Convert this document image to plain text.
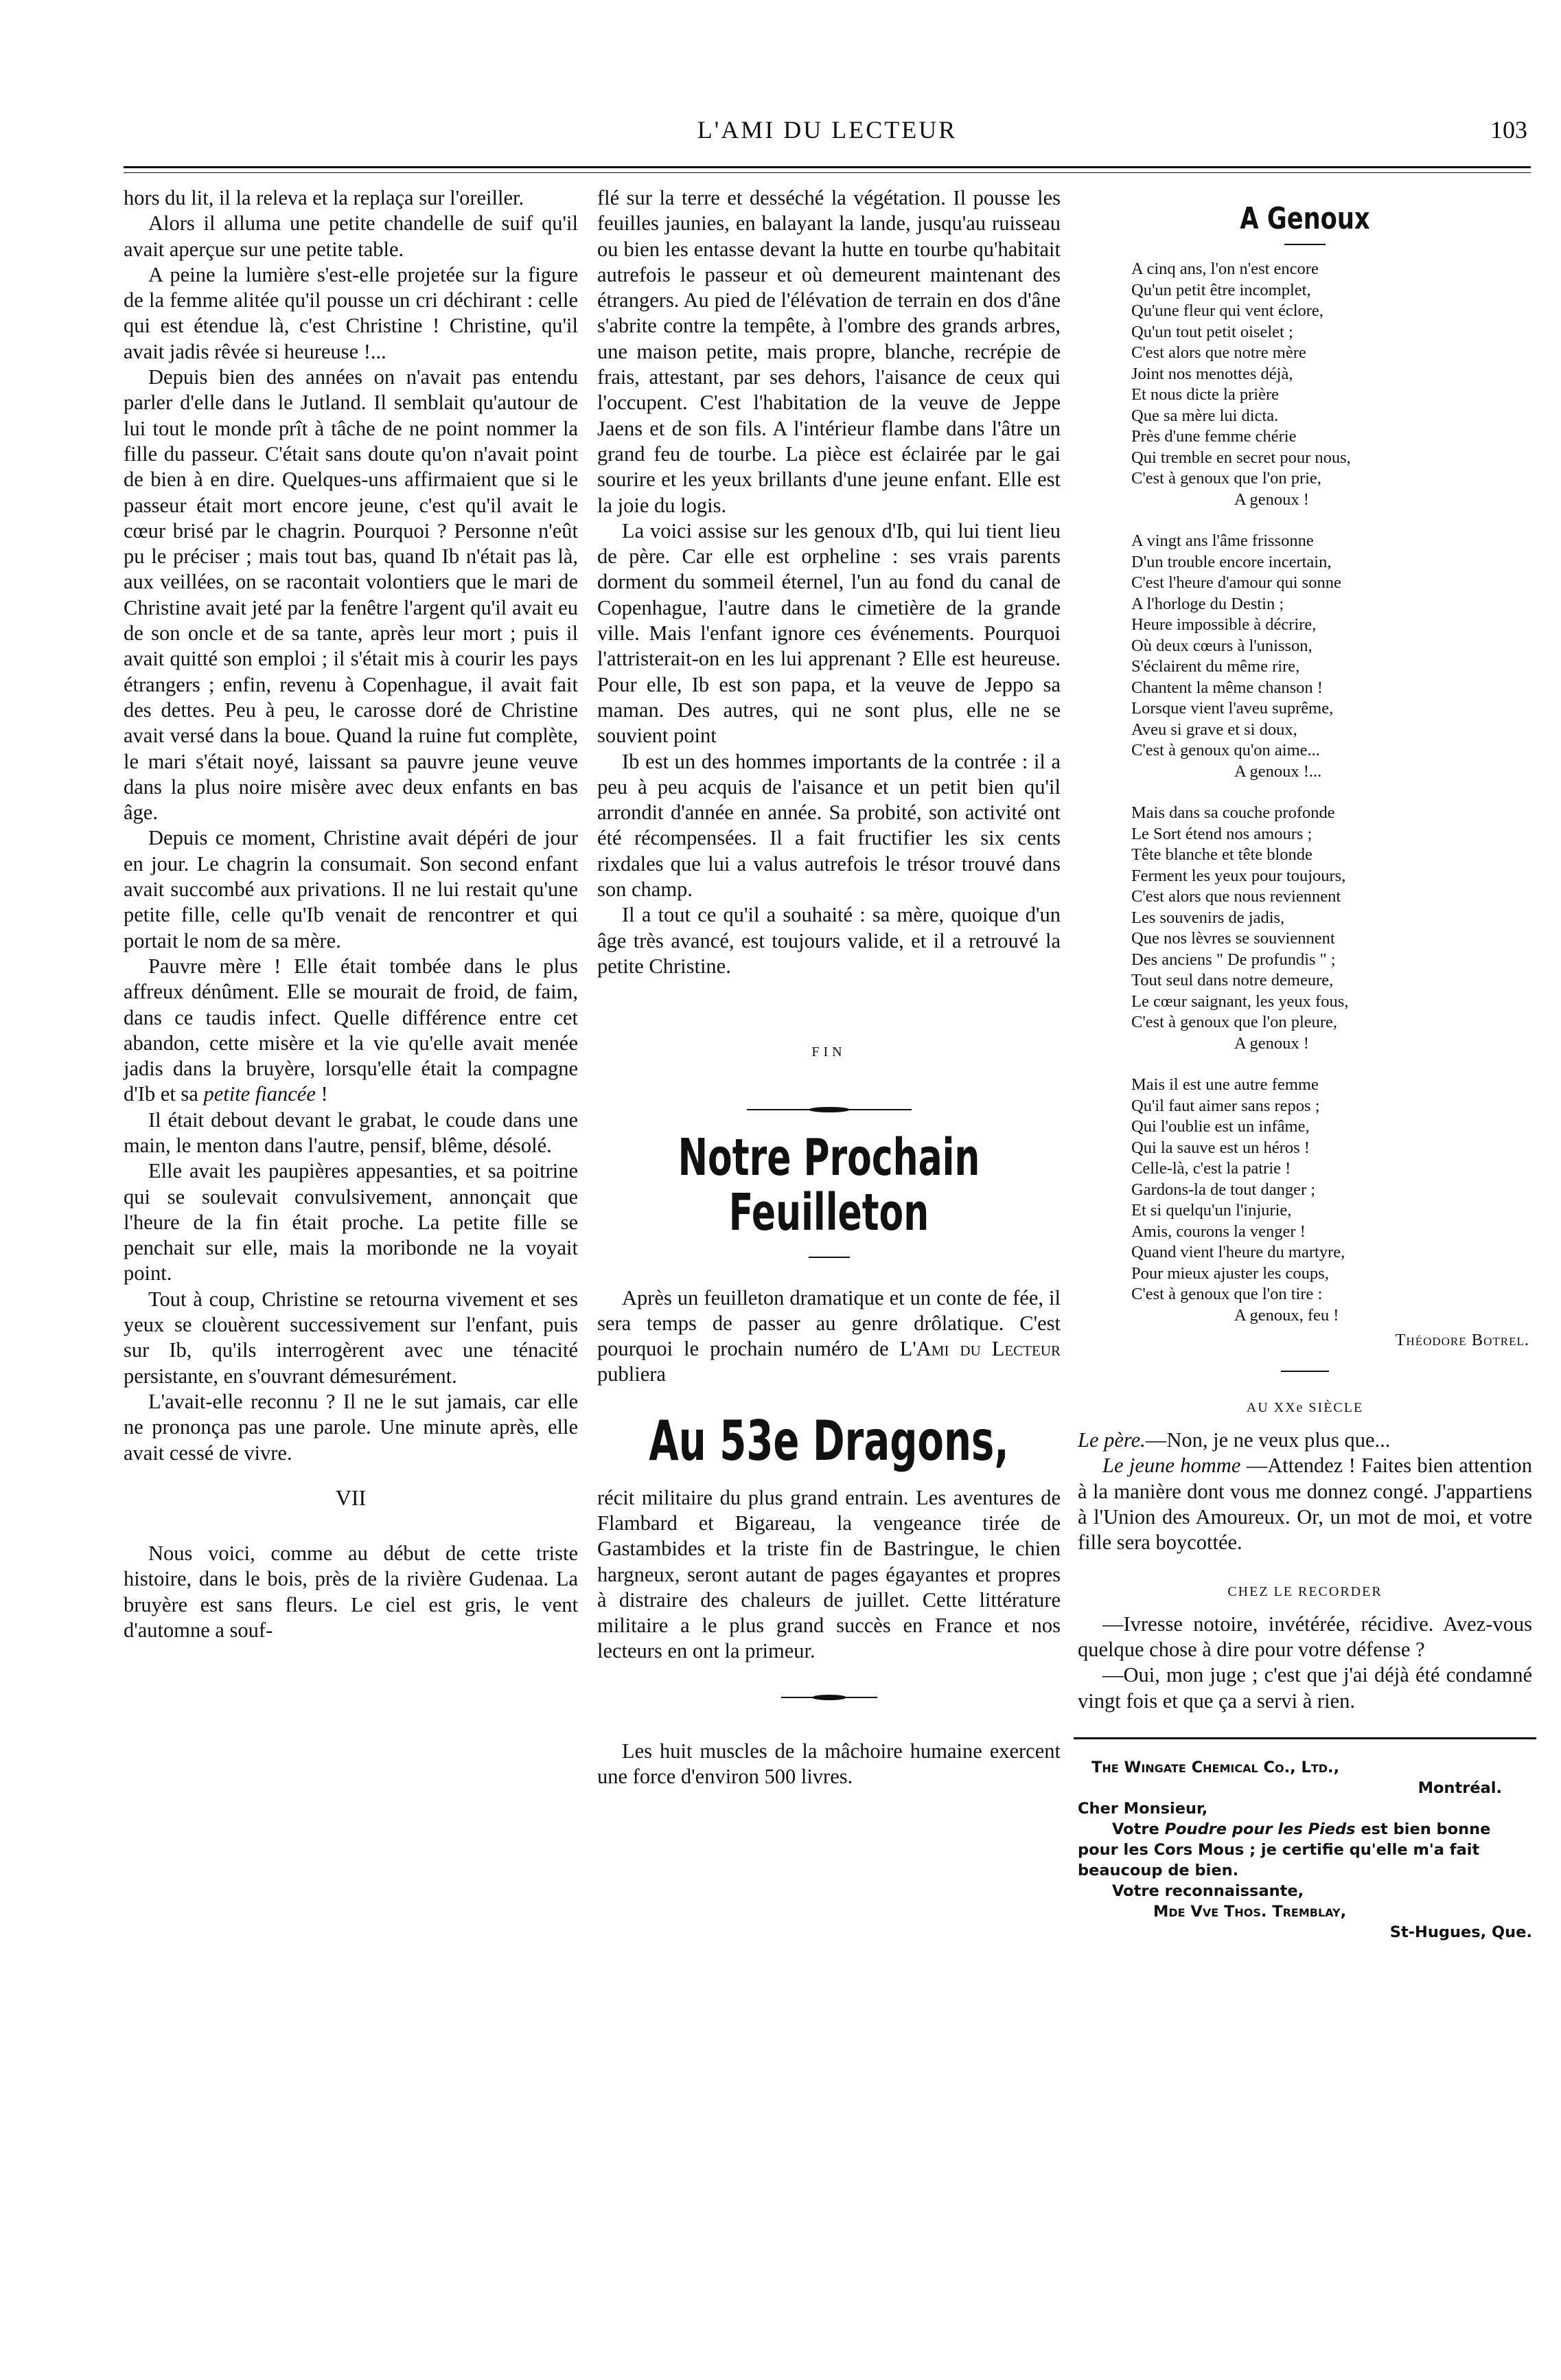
L'AMI DU LECTEUR	103

hors du lit, il la releva et la replaça sur l'oreiller.

Alors il alluma une petite chandelle de suif qu'il avait aperçue sur une petite table.

A peine la lumière s'est-elle projetée sur la figure de la femme alitée qu'il pousse un cri déchirant : celle qui est étendue là, c'est Christine ! Christine, qu'il avait jadis rêvée si heureuse !...

Depuis bien des années on n'avait pas entendu parler d'elle dans le Jutland. Il semblait qu'autour de lui tout le monde prît à tâche de ne point nommer la fille du passeur. C'était sans doute qu'on n'avait point de bien à en dire. Quelques-uns affirmaient que si le passeur était mort encore jeune, c'est qu'il avait le cœur brisé par le chagrin. Pourquoi ? Personne n'eût pu le préciser ; mais tout bas, quand Ib n'était pas là, aux veillées, on se racontait volontiers que le mari de Christine avait jeté par la fenêtre l'argent qu'il avait eu de son oncle et de sa tante, après leur mort ; puis il avait quitté son emploi ; il s'était mis à courir les pays étrangers ; enfin, revenu à Copenhague, il avait fait des dettes. Peu à peu, le carosse doré de Christine avait versé dans la boue. Quand la ruine fut complète, le mari s'était noyé, laissant sa pauvre jeune veuve dans la plus noire misère avec deux enfants en bas âge.

Depuis ce moment, Christine avait dépéri de jour en jour. Le chagrin la consumait. Son second enfant avait succombé aux privations. Il ne lui restait qu'une petite fille, celle qu'Ib venait de rencontrer et qui portait le nom de sa mère.

Pauvre mère ! Elle était tombée dans le plus affreux dénûment. Elle se mourait de froid, de faim, dans ce taudis infect. Quelle différence entre cet abandon, cette misère et la vie qu'elle avait menée jadis dans la bruyère, lorsqu'elle était la compagne d'Ib et sa petite fiancée !

Il était debout devant le grabat, le coude dans une main, le menton dans l'autre, pensif, blême, désolé.

Elle avait les paupières appesanties, et sa poitrine qui se soulevait convulsivement, annonçait que l'heure de la fin était proche. La petite fille se penchait sur elle, mais la moribonde ne la voyait point.

Tout à coup, Christine se retourna vivement et ses yeux se clouèrent successivement sur l'enfant, puis sur Ib, qu'ils interrogèrent avec une ténacité persistante, en s'ouvrant démesurément.

L'avait-elle reconnu ? Il ne le sut jamais, car elle ne prononça pas une parole. Une minute après, elle avait cessé de vivre.

VII

Nous voici, comme au début de cette triste histoire, dans le bois, près de la rivière Gudenaa. La bruyère est sans fleurs. Le ciel est gris, le vent d'automne a souf-

flé sur la terre et desséché la végétation. Il pousse les feuilles jaunies, en balayant la lande, jusqu'au ruisseau ou bien les entasse devant la hutte en tourbe qu'habitait autrefois le passeur et où demeurent maintenant des étrangers. Au pied de l'élévation de terrain en dos d'âne s'abrite contre la tempête, à l'ombre des grands arbres, une maison petite, mais propre, blanche, recrépie de frais, attestant, par ses dehors, l'aisance de ceux qui l'occupent. C'est l'habitation de la veuve de Jeppe Jaens et de son fils. A l'intérieur flambe dans l'âtre un grand feu de tourbe. La pièce est éclairée par le gai sourire et les yeux brillants d'une jeune enfant. Elle est la joie du logis.

La voici assise sur les genoux d'Ib, qui lui tient lieu de père. Car elle est orpheline : ses vrais parents dorment du sommeil éternel, l'un au fond du canal de Copenhague, l'autre dans le cimetière de la grande ville. Mais l'enfant ignore ces événements. Pourquoi l'attristerait-on en les lui apprenant ? Elle est heureuse. Pour elle, Ib est son papa, et la veuve de Jeppo sa maman. Des autres, qui ne sont plus, elle ne se souvient point

Ib est un des hommes importants de la contrée : il a peu à peu acquis de l'aisance et un petit bien qu'il arrondit d'année en année. Sa probité, son activité ont été récompensées. Il a fait fructifier les six cents rixdales que lui a valus autrefois le trésor trouvé dans son champ.

Il a tout ce qu'il a souhaité : sa mère, quoique d'un âge très avancé, est toujours valide, et il a retrouvé la petite Christine.

FIN
Notre Prochain Feuilleton

Après un feuilleton dramatique et un conte de fée, il sera temps de passer au genre drôlatique. C'est pourquoi le prochain numéro de L'Ami du Lecteur publiera

Au 53e Dragons,

récit militaire du plus grand entrain. Les aventures de Flambard et Bigareau, la vengeance tirée de Gastambides et la triste fin de Bastringue, le chien hargneux, seront autant de pages égayantes et propres à distraire des chaleurs de juillet. Cette littérature militaire a le plus grand succès en France et nos lecteurs en ont la primeur.

Les huit muscles de la mâchoire humaine exercent une force d'environ 500 livres.

A Genoux
A cinq ans, l'on n'est encore
Qu'un petit être incomplet,
Qu'une fleur qui vent éclore,
Qu'un tout petit oiselet ;
C'est alors que notre mère
Joint nos menottes déjà,
Et nous dicte la prière
Que sa mère lui dicta.
Près d'une femme chérie
Qui tremble en secret pour nous,
C'est à genoux que l'on prie,
A genoux !
A vingt ans l'âme frissonne
D'un trouble encore incertain,
C'est l'heure d'amour qui sonne
A l'horloge du Destin ;
Heure impossible à décrire,
Où deux cœurs à l'unisson,
S'éclairent du même rire,
Chantent la même chanson !
Lorsque vient l'aveu suprême,
Aveu si grave et si doux,
C'est à genoux qu'on aime...
A genoux !...
Mais dans sa couche profonde
Le Sort étend nos amours ;
Tête blanche et tête blonde
Ferment les yeux pour toujours,
C'est alors que nous reviennent
Les souvenirs de jadis,
Que nos lèvres se souviennent
Des anciens " De profundis " ;
Tout seul dans notre demeure,
Le cœur saignant, les yeux fous,
C'est à genoux que l'on pleure,
A genoux !
Mais il est une autre femme
Qu'il faut aimer sans repos ;
Qui l'oublie est un infâme,
Qui la sauve est un héros !
Celle-là, c'est la patrie !
Gardons-la de tout danger ;
Et si quelqu'un l'injurie,
Amis, courons la venger !
Quand vient l'heure du martyre,
Pour mieux ajuster les coups,
C'est à genoux que l'on tire :
A genoux, feu !
Théodore Botrel.
AU XXe SIÈCLE

Le père.—Non, je ne veux plus que...

Le jeune homme —Attendez ! Faites bien attention à la manière dont vous me donnez congé. J'appartiens à l'Union des Amoureux. Or, un mot de moi, et votre fille sera boycottée.

CHEZ LE RECORDER

—Ivresse notoire, invétérée, récidive. Avez-vous quelque chose à dire pour votre défense ?

—Oui, mon juge ; c'est que j'ai déjà été condamné vingt fois et que ça a servi à rien.

The Wingate Chemical Co., Ltd.,
Montréal.
Cher Monsieur,
Votre Poudre pour les Pieds est bien bonne pour les Cors Mous ; je certifie qu'elle m'a fait beaucoup de bien.
Votre reconnaissante,
Mde Vve Thos. Tremblay,
St-Hugues, Que.
